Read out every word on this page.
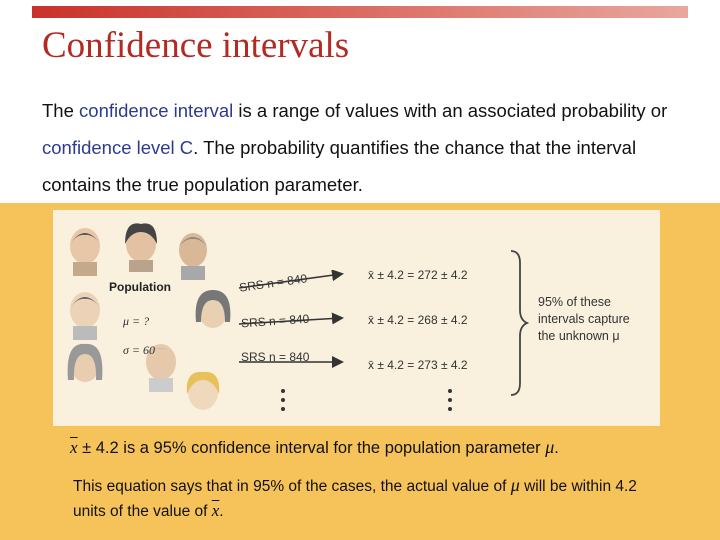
Confidence intervals

The confidence interval is a range of values with an associated probability or confidence level C. The probability quantifies the chance that the interval contains the true population parameter.

Population
μ = ?
σ = 60
SRS n = 840
SRS n = 840
SRS n = 840
x̄ ± 4.2 = 272 ± 4.2
x̄ ± 4.2 = 268 ± 4.2
x̄ ± 4.2 = 273 ± 4.2
95% of these
intervals capture
the unknown μ
$\overline{x} \pm 4.2$ is a 95% confidence interval for the population parameter μ.

This equation says that in 95% of the cases, the actual value of μ will be within 4.2 units of the value of $\overline{x}$.
